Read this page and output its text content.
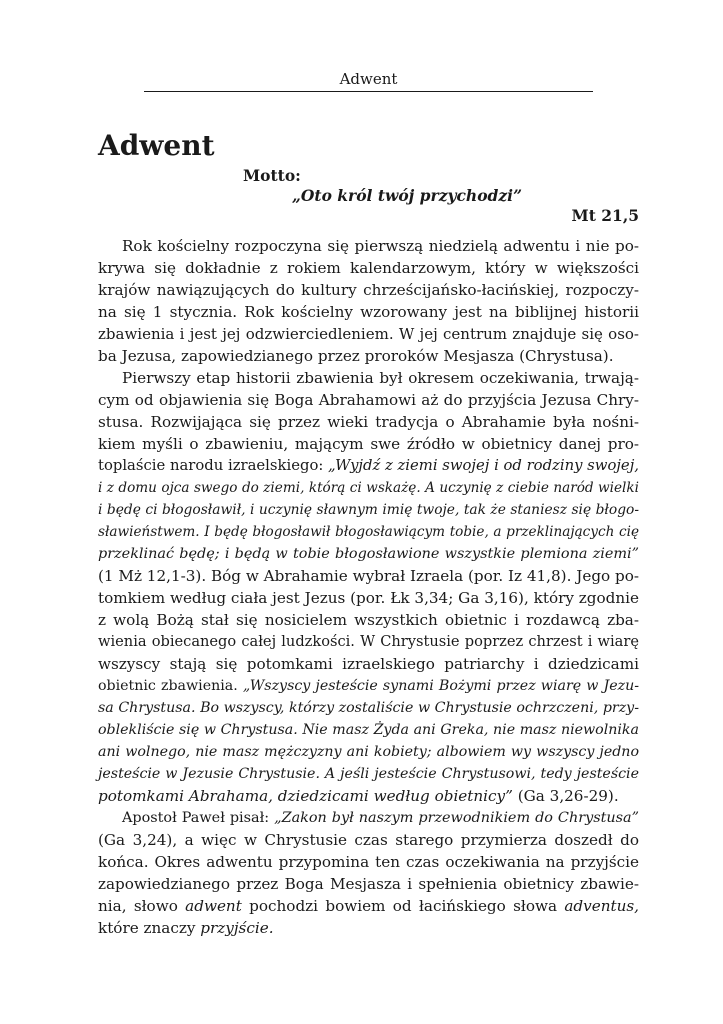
Adwent
Adwent
Motto:
„Oto król twój przychodzi”
Mt 21,5
Rok kościelny rozpoczyna się pierwszą niedzielą adwentu i nie po-
krywa się dokładnie z rokiem kalendarzowym, który w większości
krajów nawiązujących do kultury chrześcijańsko-łacińskiej, rozpoczy-
na się 1 stycznia. Rok kościelny wzorowany jest na biblijnej historii
zbawienia i jest jej odzwierciedleniem. W jej centrum znajduje się oso-
ba Jezusa, zapowiedzianego przez proroków Mesjasza (Chrystusa).
Pierwszy etap historii zbawienia był okresem oczekiwania, trwają-
cym od objawienia się Boga Abrahamowi aż do przyjścia Jezusa Chry-
stusa. Rozwijająca się przez wieki tradycja o Abrahamie była nośni-
kiem myśli o zbawieniu, mającym swe źródło w obietnicy danej pro-
toplaście narodu izraelskiego: „Wyjdź z ziemi swojej i od rodziny swojej,
i z domu ojca swego do ziemi, którą ci wskażę. A uczynię z ciebie naród wielki
i będę ci błogosławił, i uczynię sławnym imię twoje, tak że staniesz się błogo-
sławieństwem. I będę błogosławił błogosławiącym tobie, a przeklinających cię
przeklinać będę; i będą w tobie błogosławione wszystkie plemiona ziemi”
(1 Mż 12,1-3). Bóg w Abrahamie wybrał Izraela (por. Iz 41,8). Jego po-
tomkiem według ciała jest Jezus (por. Łk 3,34; Ga 3,16), który zgodnie
z wolą Bożą stał się nosicielem wszystkich obietnic i rozdawcą zba-
wienia obiecanego całej ludzkości. W Chrystusie poprzez chrzest i wiarę
wszyscy stają się potomkami izraelskiego patriarchy i dziedzicami
obietnic zbawienia. „Wszyscy jesteście synami Bożymi przez wiarę w Jezu-
sa Chrystusa. Bo wszyscy, którzy zostaliście w Chrystusie ochrzczeni, przy-
oblekliście się w Chrystusa. Nie masz Żyda ani Greka, nie masz niewolnika
ani wolnego, nie masz mężczyzny ani kobiety; albowiem wy wszyscy jedno
jesteście w Jezusie Chrystusie. A jeśli jesteście Chrystusowi, tedy jesteście
potomkami Abrahama, dziedzicami według obietnicy” (Ga 3,26-29).
Apostoł Paweł pisał: „Zakon był naszym przewodnikiem do Chrystusa”
(Ga 3,24), a więc w Chrystusie czas starego przymierza doszedł do
końca. Okres adwentu przypomina ten czas oczekiwania na przyjście
zapowiedzianego przez Boga Mesjasza i spełnienia obietnicy zbawie-
nia, słowo adwent pochodzi bowiem od łacińskiego słowa adventus,
które znaczy przyjście.
